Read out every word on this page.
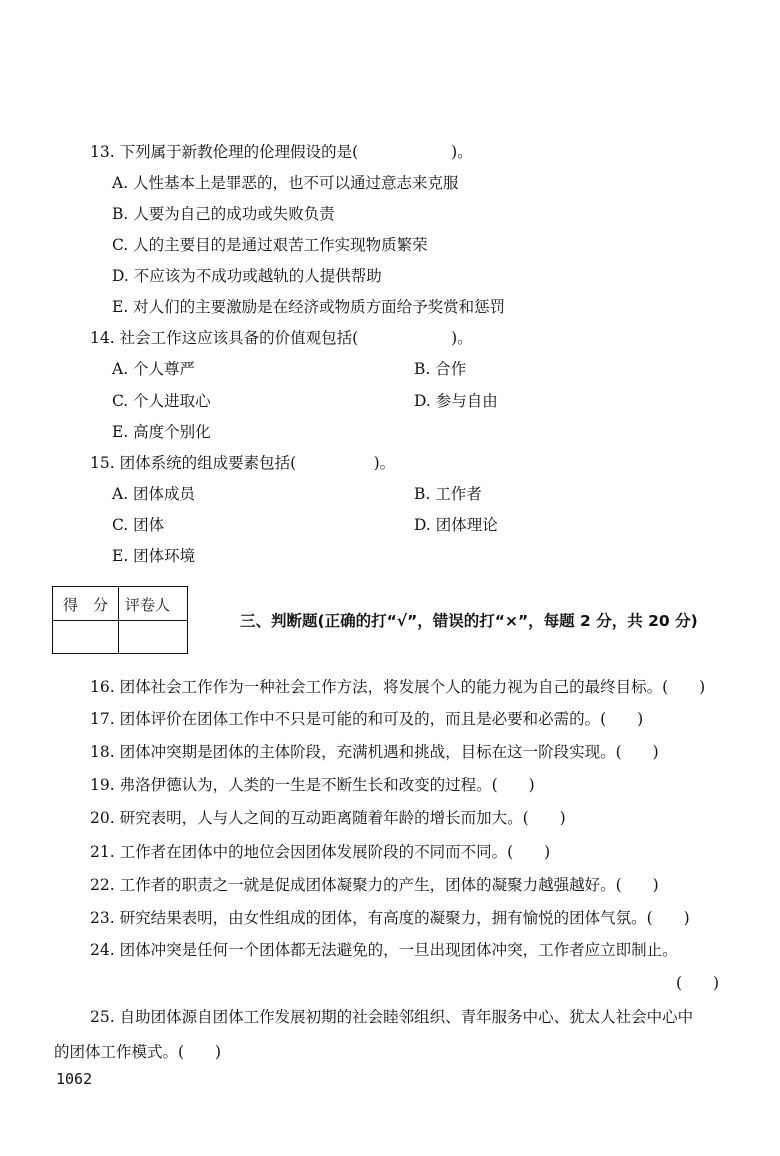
13. 下列属于新教伦理的伦理假设的是(　　　　　　)。
A. 人性基本上是罪恶的，也不可以通过意志来克服
B. 人要为自己的成功或失败负责
C. 人的主要目的是通过艰苦工作实现物质繁荣
D. 不应该为不成功或越轨的人提供帮助
E. 对人们的主要激励是在经济或物质方面给予奖赏和惩罚
14. 社会工作这应该具备的价值观包括(　　　　　　)。
A. 个人尊严	B. 合作
C. 个人进取心	D. 参与自由
E. 高度个别化
15. 团体系统的组成要素包括(　　　　　)。
A. 团体成员	B. 工作者
C. 团体	D. 团体理论
E. 团体环境
得　分 评卷人
三、判断题(正确的打“√”，错误的打“×”，每题 2 分，共 20 分)
16. 团体社会工作作为一种社会工作方法，将发展个人的能力视为自己的最终目标。(　　)
17. 团体评价在团体工作中不只是可能的和可及的，而且是必要和必需的。(　　)
18. 团体冲突期是团体的主体阶段，充满机遇和挑战，目标在这一阶段实现。(　　)
19. 弗洛伊德认为，人类的一生是不断生长和改变的过程。(　　)
20. 研究表明，人与人之间的互动距离随着年龄的增长而加大。(　　)
21. 工作者在团体中的地位会因团体发展阶段的不同而不同。(　　)
22. 工作者的职责之一就是促成团体凝聚力的产生，团体的凝聚力越强越好。(　　)
23. 研究结果表明，由女性组成的团体，有高度的凝聚力，拥有愉悦的团体气氛。(　　)
24. 团体冲突是任何一个团体都无法避免的，一旦出现团体冲突，工作者应立即制止。
(　　)
25. 自助团体源自团体工作发展初期的社会睦邻组织、青年服务中心、犹太人社会中心中
的团体工作模式。(　　)
1062
